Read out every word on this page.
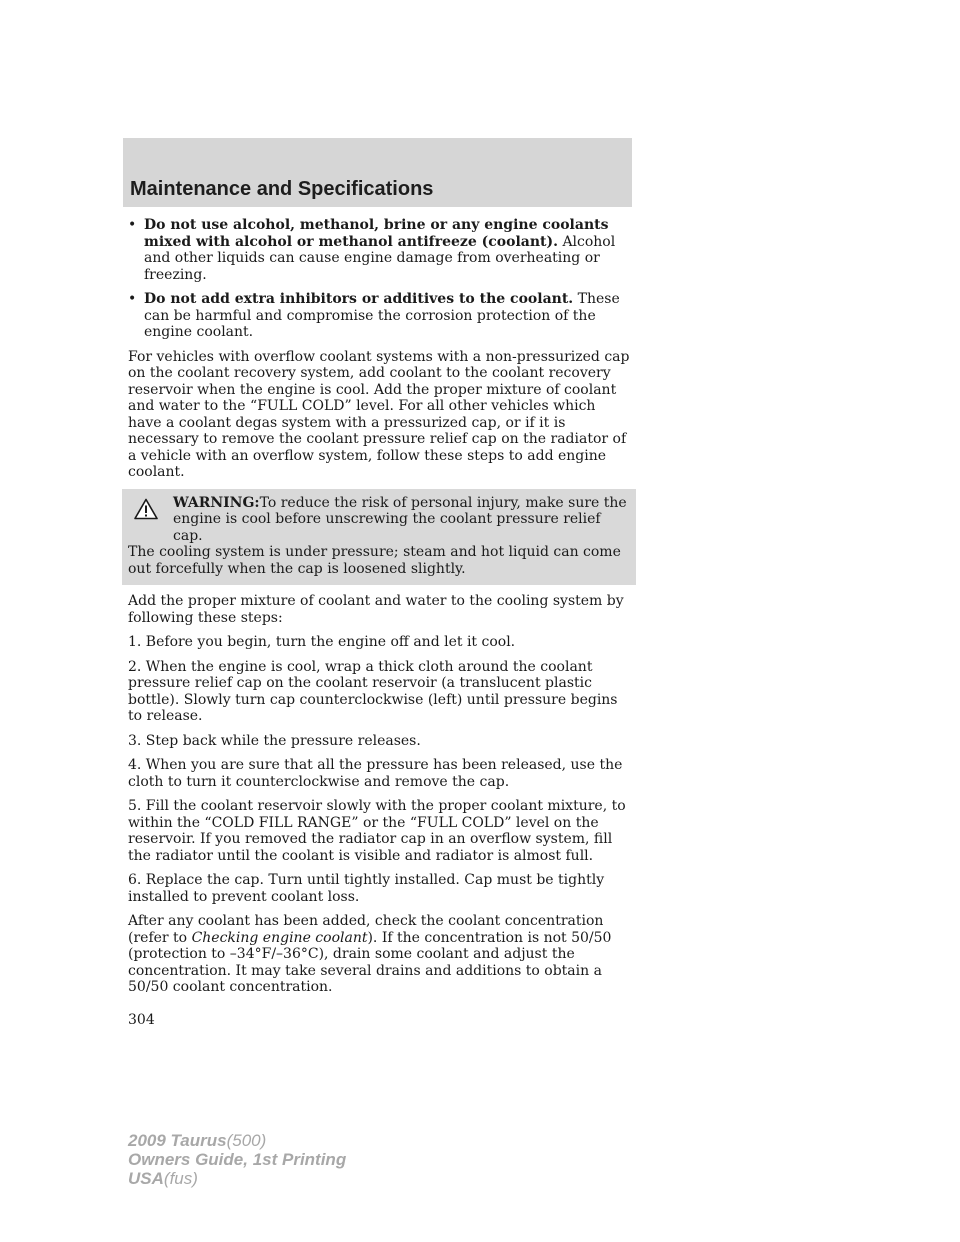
Maintenance and Specifications
• Do not use alcohol, methanol, brine or any engine coolants mixed with alcohol or methanol antifreeze (coolant). Alcohol and other liquids can cause engine damage from overheating or freezing.
• Do not add extra inhibitors or additives to the coolant. These can be harmful and compromise the corrosion protection of the engine coolant.

For vehicles with overflow coolant systems with a non-pressurized cap on the coolant recovery system, add coolant to the coolant recovery reservoir when the engine is cool. Add the proper mixture of coolant and water to the “FULL COLD” level. For all other vehicles which have a coolant degas system with a pressurized cap, or if it is necessary to remove the coolant pressure relief cap on the radiator of a vehicle with an overflow system, follow these steps to add engine coolant.

WARNING:To reduce the risk of personal injury, make sure the engine is cool before unscrewing the coolant pressure relief cap.

The cooling system is under pressure; steam and hot liquid can come out forcefully when the cap is loosened slightly.

Add the proper mixture of coolant and water to the cooling system by following these steps:

1. Before you begin, turn the engine off and let it cool.

2. When the engine is cool, wrap a thick cloth around the coolant pressure relief cap on the coolant reservoir (a translucent plastic bottle). Slowly turn cap counterclockwise (left) until pressure begins to release.

3. Step back while the pressure releases.

4. When you are sure that all the pressure has been released, use the cloth to turn it counterclockwise and remove the cap.

5. Fill the coolant reservoir slowly with the proper coolant mixture, to within the “COLD FILL RANGE” or the “FULL COLD” level on the reservoir. If you removed the radiator cap in an overflow system, fill the radiator until the coolant is visible and radiator is almost full.

6. Replace the cap. Turn until tightly installed. Cap must be tightly installed to prevent coolant loss.

After any coolant has been added, check the coolant concentration (refer to Checking engine coolant). If the concentration is not 50/50 (protection to –34°F/–36°C), drain some coolant and adjust the concentration. It may take several drains and additions to obtain a 50/50 coolant concentration.

304

2009 Taurus(500)
Owners Guide, 1st Printing
USA(fus)
